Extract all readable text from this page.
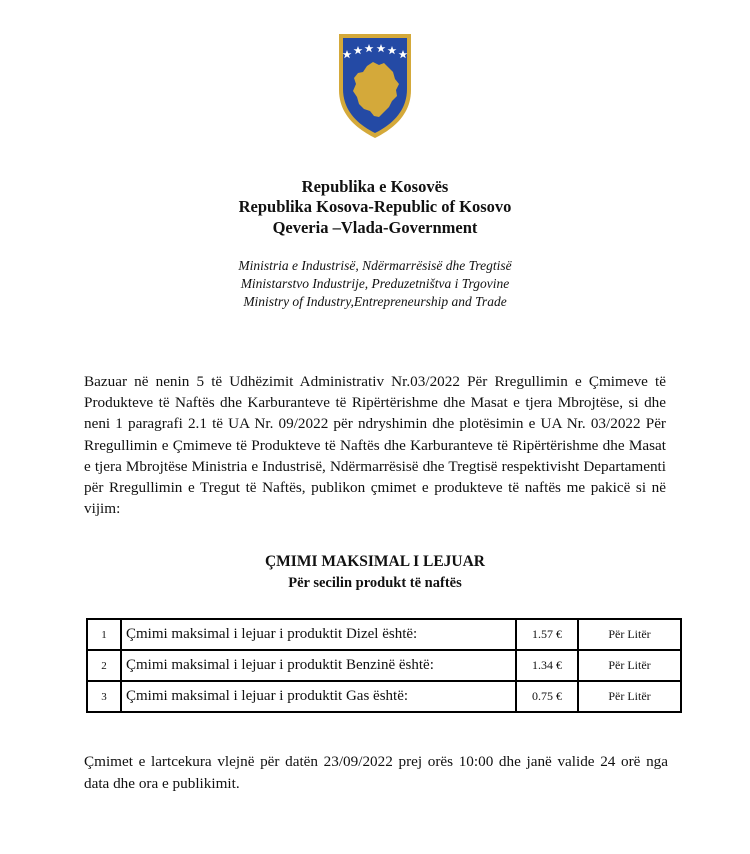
Republika e Kosovës
Republika Kosova-Republic of Kosovo
Qeveria –Vlada-Government
Ministria e Industrisë, Ndërmarrësisë dhe Tregtisë
Ministarstvo Industrije, Preduzetništva i Trgovine
Ministry of Industry,Entrepreneurship and Trade
Bazuar në nenin 5 të Udhëzimit Administrativ Nr.03/2022 Për Rregullimin e Çmimeve të Produkteve të Naftës dhe Karburanteve të Ripërtërishme dhe Masat e tjera Mbrojtëse, si dhe neni 1 paragrafi 2.1 të UA Nr. 09/2022 për ndryshimin dhe plotësimin e UA Nr. 03/2022 Për Rregullimin e Çmimeve të Produkteve të Naftës dhe Karburanteve të Ripërtërishme dhe Masat e tjera Mbrojtëse Ministria e Industrisë, Ndërmarrësisë dhe Tregtisë respektivisht Departamenti për Rregullimin e Tregut të Naftës, publikon çmimet e produkteve të naftës me pakicë si në vijim:
ÇMIMI MAKSIMAL I LEJUAR
Për secilin produkt të naftës
1	Çmimi maksimal i lejuar i produktit Dizel është:	1.57 €	Për Litër
2	Çmimi maksimal i lejuar i produktit Benzinë është:	1.34 €	Për Litër
3	Çmimi maksimal i lejuar i produktit Gas është:	0.75 €	Për Litër
Çmimet e lartcekura vlejnë për datën 23/09/2022 prej orës 10:00 dhe janë valide 24 orë nga data dhe ora e publikimit.
